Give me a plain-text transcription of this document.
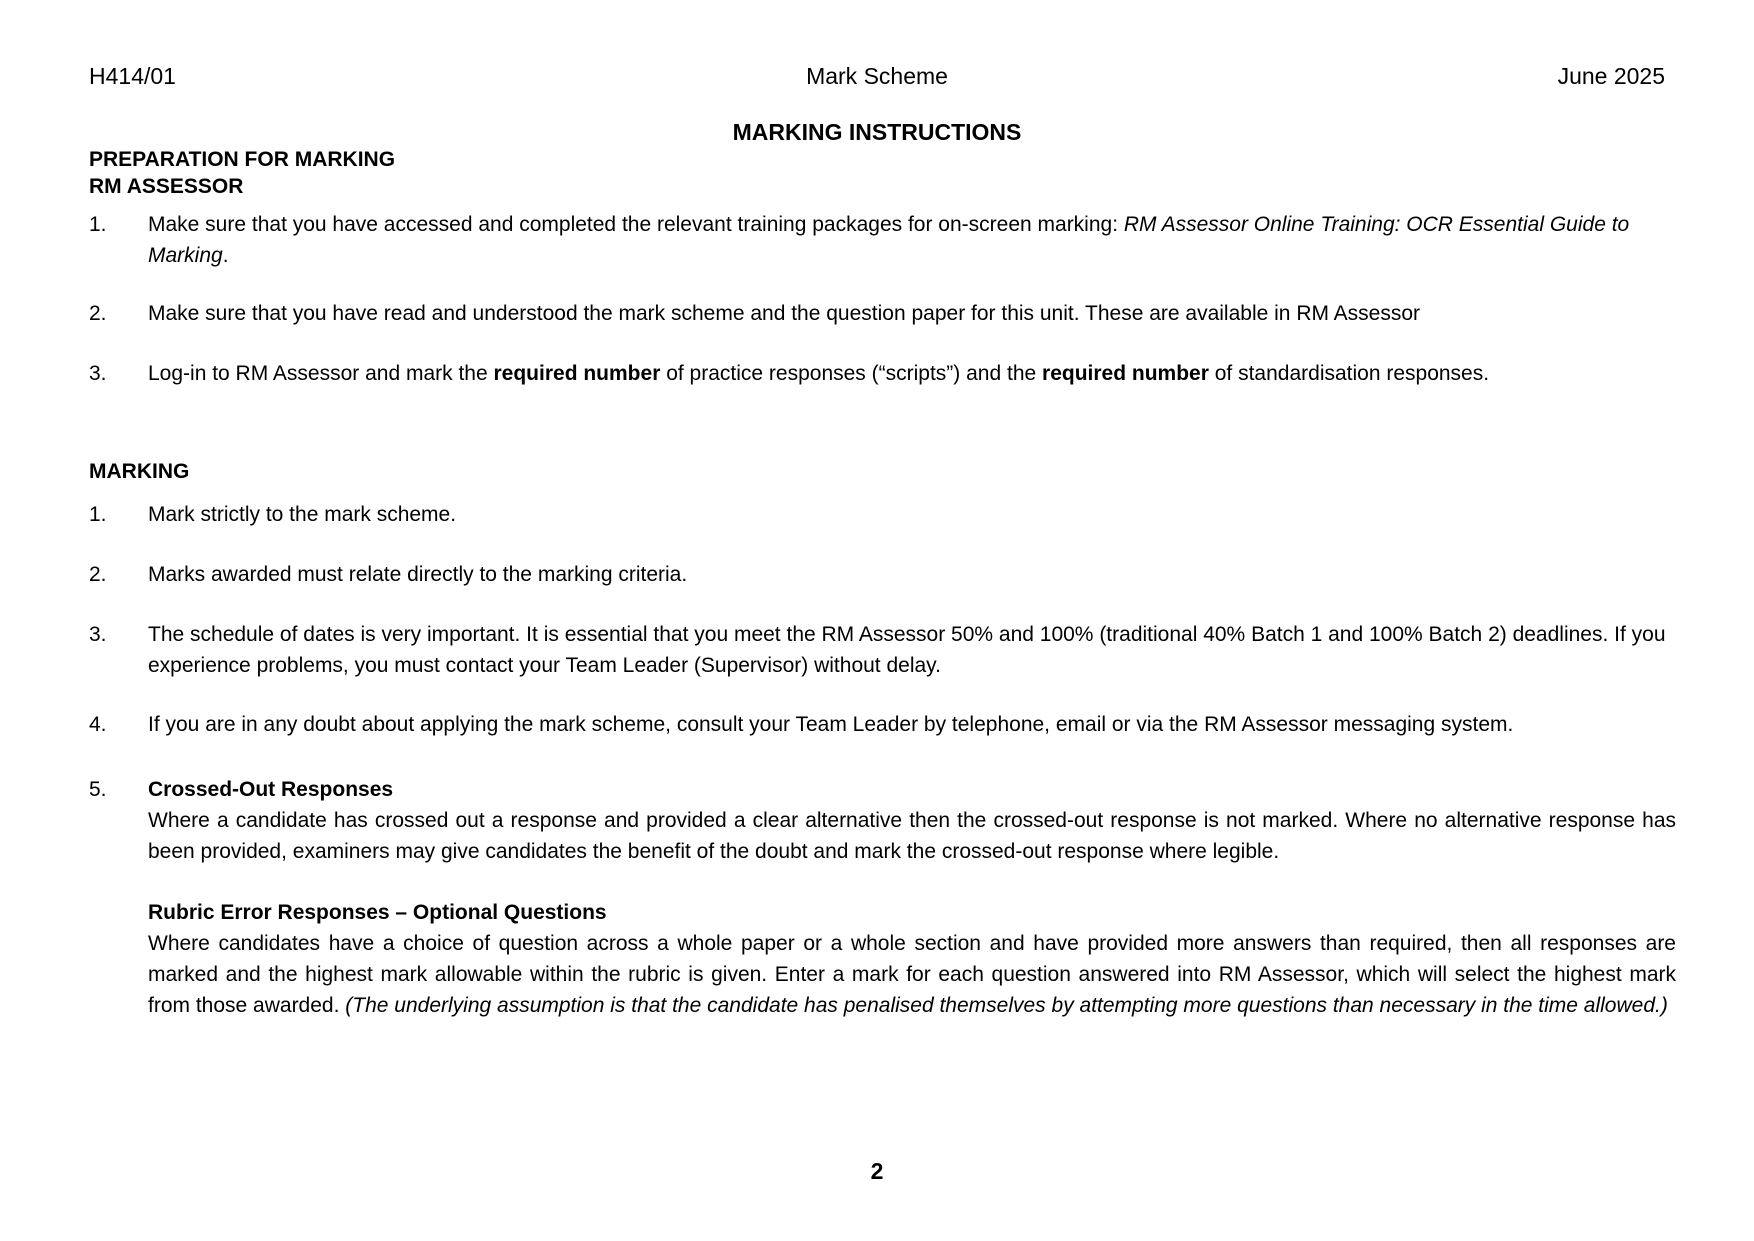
H414/01	Mark Scheme	June 2025
MARKING INSTRUCTIONS
PREPARATION FOR MARKING
RM ASSESSOR
1. Make sure that you have accessed and completed the relevant training packages for on-screen marking: RM Assessor Online Training: OCR Essential Guide to Marking.
2. Make sure that you have read and understood the mark scheme and the question paper for this unit. These are available in RM Assessor
3. Log-in to RM Assessor and mark the required number of practice responses (“scripts”) and the required number of standardisation responses.
MARKING
1. Mark strictly to the mark scheme.
2. Marks awarded must relate directly to the marking criteria.
3. The schedule of dates is very important. It is essential that you meet the RM Assessor 50% and 100% (traditional 40% Batch 1 and 100% Batch 2) deadlines. If you experience problems, you must contact your Team Leader (Supervisor) without delay.
4. If you are in any doubt about applying the mark scheme, consult your Team Leader by telephone, email or via the RM Assessor messaging system.
5. Crossed-Out Responses
Where a candidate has crossed out a response and provided a clear alternative then the crossed-out response is not marked. Where no alternative response has been provided, examiners may give candidates the benefit of the doubt and mark the crossed-out response where legible.
Rubric Error Responses – Optional Questions
Where candidates have a choice of question across a whole paper or a whole section and have provided more answers than required, then all responses are marked and the highest mark allowable within the rubric is given. Enter a mark for each question answered into RM Assessor, which will select the highest mark from those awarded. (The underlying assumption is that the candidate has penalised themselves by attempting more questions than necessary in the time allowed.)
2
